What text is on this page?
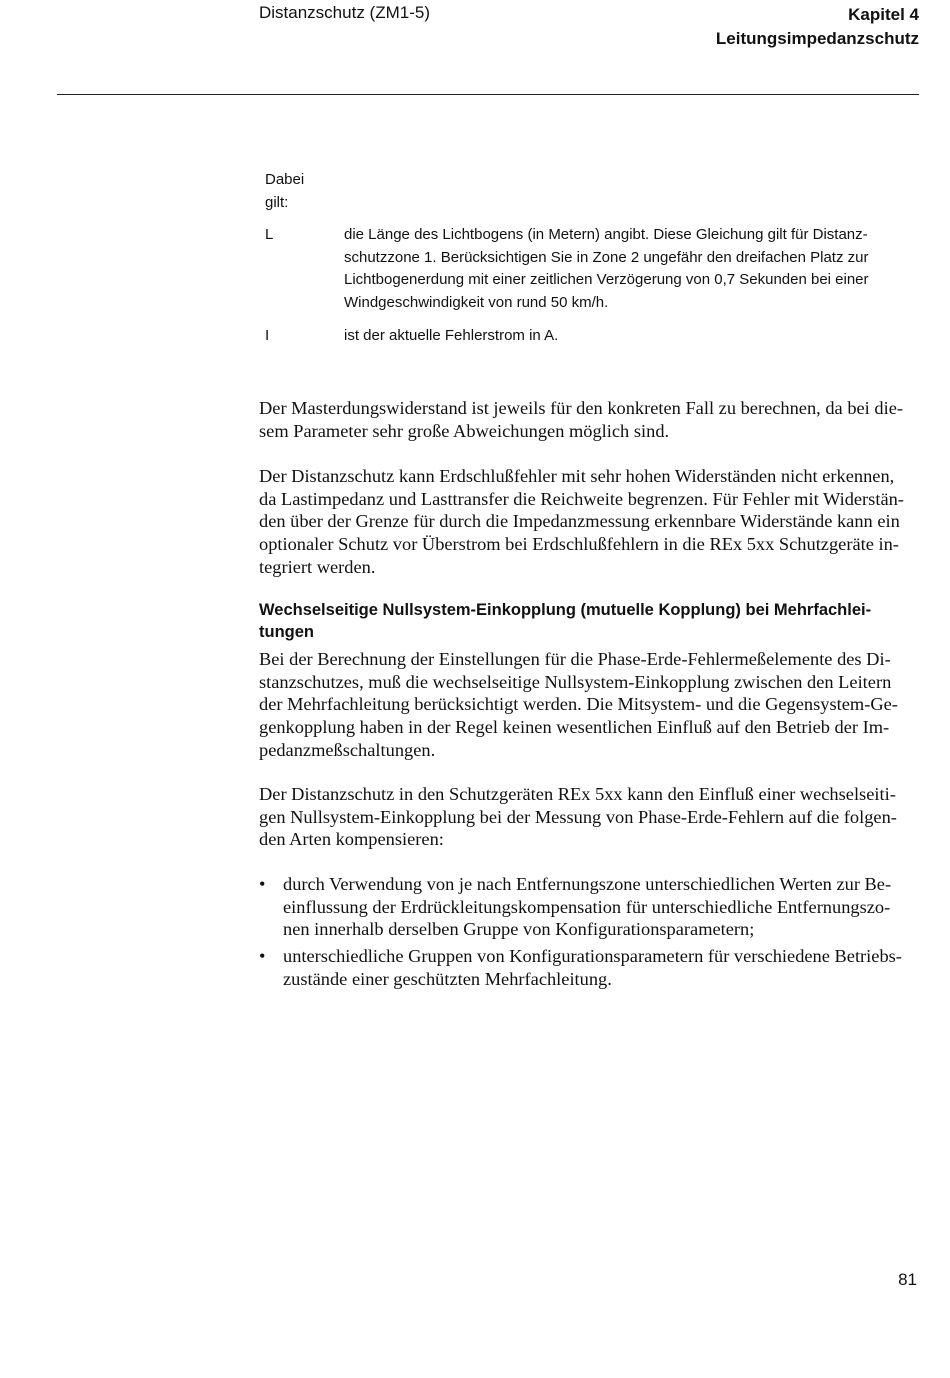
Distanzschutz (ZM1-5)	Kapitel 4
Leitungsimpedanzschutz
Dabei
gilt:
L	die Länge des Lichtbogens (in Metern) angibt. Diese Gleichung gilt für Distanz-
schutzzone 1. Berücksichtigen Sie in Zone 2 ungefähr den dreifachen Platz zur
Lichtbogenerdung mit einer zeitlichen Verzögerung von 0,7 Sekunden bei einer
Windgeschwindigkeit von rund 50 km/h.
I	ist der aktuelle Fehlerstrom in A.
Der Masterdungswiderstand ist jeweils für den konkreten Fall zu berechnen, da bei die-
sem Parameter sehr große Abweichungen möglich sind.
Der Distanzschutz kann Erdschlußfehler mit sehr hohen Widerständen nicht erkennen,
da Lastimpedanz und Lasttransfer die Reichweite begrenzen. Für Fehler mit Widerstän-
den über der Grenze für durch die Impedanzmessung erkennbare Widerstände kann ein
optionaler Schutz vor Überstrom bei Erdschlußfehlern in die REx 5xx Schutzgeräte in-
tegriert werden.
Wechselseitige Nullsystem-Einkopplung (mutuelle Kopplung) bei Mehrfachlei-
tungen
Bei der Berechnung der Einstellungen für die Phase-Erde-Fehlermeßelemente des Di-
stanzschutzes, muß die wechselseitige Nullsystem-Einkopplung zwischen den Leitern
der Mehrfachleitung berücksichtigt werden. Die Mitsystem- und die Gegensystem-Ge-
genkopplung haben in der Regel keinen wesentlichen Einfluß auf den Betrieb der Im-
pedanzmeßschaltungen.
Der Distanzschutz in den Schutzgeräten REx 5xx kann den Einfluß einer wechselseiti-
gen Nullsystem-Einkopplung bei der Messung von Phase-Erde-Fehlern auf die folgen-
den Arten kompensieren:
• durch Verwendung von je nach Entfernungszone unterschiedlichen Werten zur Be-
einflussung der Erdrückleitungskompensation für unterschiedliche Entfernungszo-
nen innerhalb derselben Gruppe von Konfigurationsparametern;
• unterschiedliche Gruppen von Konfigurationsparametern für verschiedene Betriebs-
zustände einer geschützten Mehrfachleitung.
81
